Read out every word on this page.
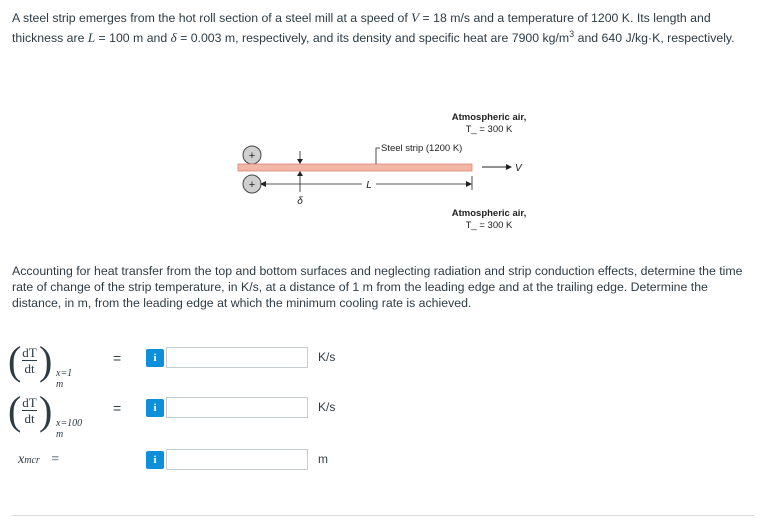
A steel strip emerges from the hot roll section of a steel mill at a speed of V = 18 m/s and a temperature of 1200 K. Its length and thickness are L = 100 m and δ = 0.003 m, respectively, and its density and specific heat are 7900 $kg/m^3$ and 640 J/kg·K, respectively.

Atmospheric air,
T_ = 300 K
+
+
Steel strip (1200 K)
V
δ
L
Atmospheric air,
T_ = 300 K

Accounting for heat transfer from the top and bottom surfaces and neglecting radiation and strip conduction effects, determine the time rate of change of the strip temperature, in K/s, at a distance of 1 m from the leading edge and at the trailing edge. Determine the distance, in m, from the leading edge at which the minimum cooling rate is achieved.

( dT
dt ) x=1 m
=	i	K/s
( dT
dt ) x=100 m
=	i	K/s
xmcr =	i	m
